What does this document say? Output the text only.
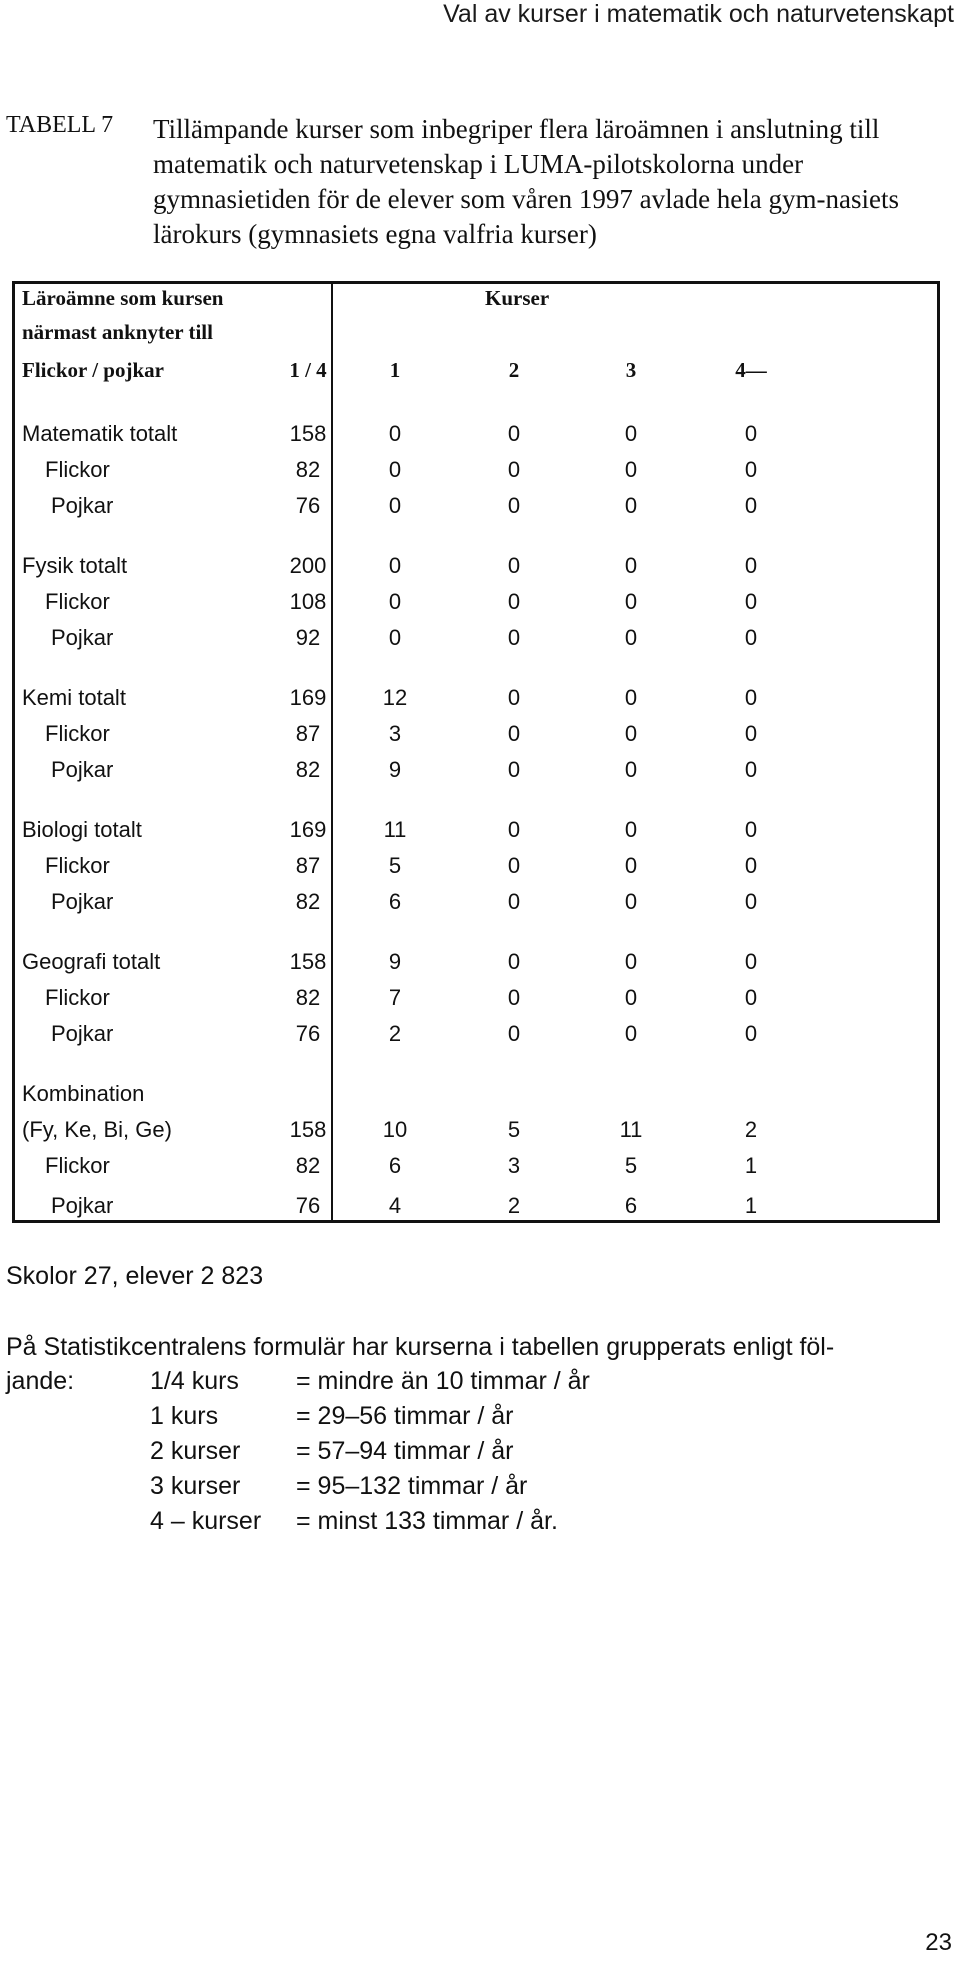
Val av kurser i matematik och naturvetenskapt
TABELL 7 Tillämpande kurser som inbegriper flera läroämnen i anslutning till matematik och naturvetenskap i LUMA-pilotskolorna under gymnasietiden för de elever som våren 1997 avlade hela gym-nasiets lärokurs (gymnasiets egna valfria kurser)
Läroämne som kursen
närmast anknyter till
Flickor / pojkar
Kurser
1 / 4	1	2	3	4—
Matematik totalt	158	0	0	0	0
Flickor	82	0	0	0	0
Pojkar	76	0	0	0	0
Fysik totalt	200	0	0	0	0
Flickor	108	0	0	0	0
Pojkar	92	0	0	0	0
Kemi totalt	169	12	0	0	0
Flickor	87	3	0	0	0
Pojkar	82	9	0	0	0
Biologi totalt	169	11	0	0	0
Flickor	87	5	0	0	0
Pojkar	82	6	0	0	0
Geografi totalt	158	9	0	0	0
Flickor	82	7	0	0	0
Pojkar	76	2	0	0	0
Kombination
(Fy, Ke, Bi, Ge)	158	10	5	11	2
Flickor	82	6	3	5	1
Pojkar	76	4	2	6	1
Skolor 27, elever 2 823
På Statistikcentralens formulär har kurserna i tabellen grupperats enligt föl-
jande:	1/4 kurs = mindre än 10 timmar / år
1 kurs	= 29–56 timmar / år
2 kurser = 57–94 timmar / år
3 kurser = 95–132 timmar / år
4 – kurser = minst 133 timmar / år.
23
